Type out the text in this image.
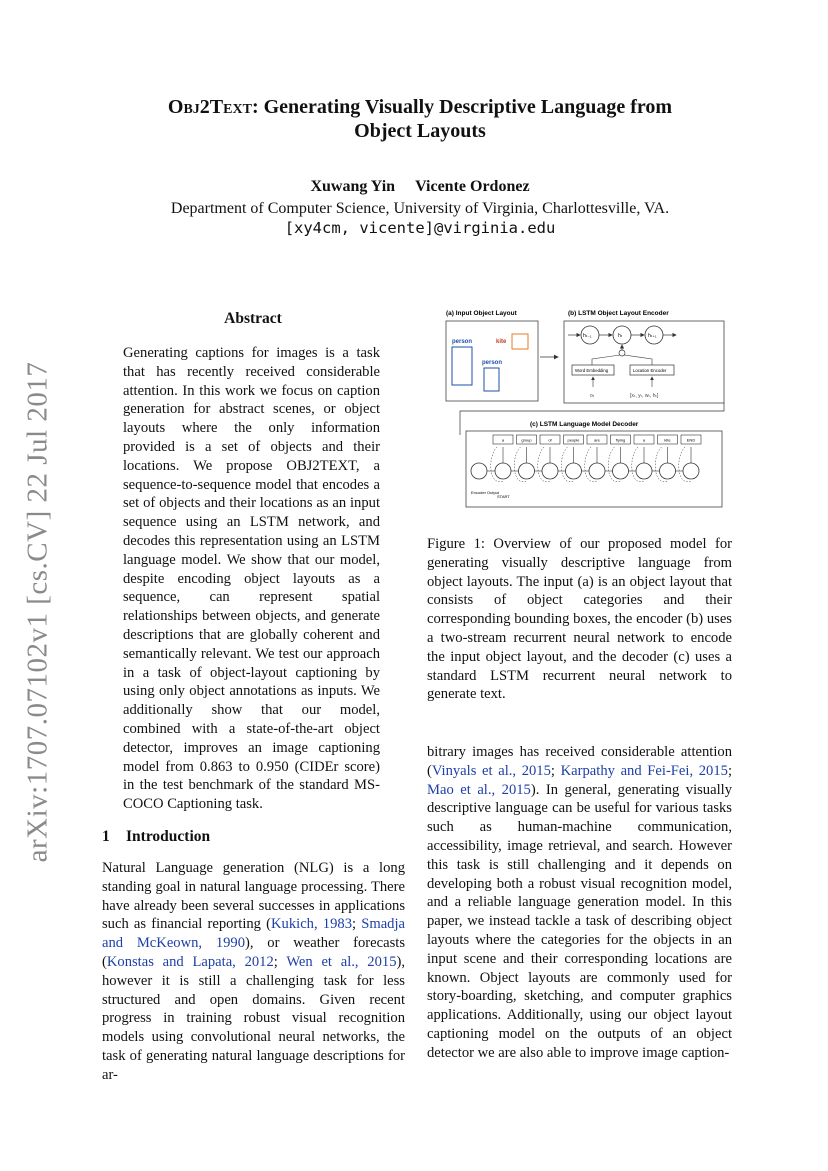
arXiv:1707.07102v1 [cs.CV] 22 Jul 2017
Obj2Text: Generating Visually Descriptive Language from
Object Layouts
Xuwang Yin Vicente Ordonez
Department of Computer Science, University of Virginia, Charlottesville, VA.
[xy4cm, vicente]@virginia.edu
Abstract
Generating captions for images is a task that has recently received considerable attention. In this work we focus on caption generation for abstract scenes, or object layouts where the only information provided is a set of objects and their locations. We propose OBJ2TEXT, a sequence-to-sequence model that encodes a set of objects and their locations as an input sequence using an LSTM network, and decodes this representation using an LSTM language model. We show that our model, despite encoding object layouts as a sequence, can represent spatial relationships between objects, and generate descriptions that are globally coherent and semantically relevant. We test our approach in a task of object-layout captioning by using only object annotations as inputs. We additionally show that our model, combined with a state-of-the-art object detector, improves an image captioning model from 0.863 to 0.950 (CIDEr score) in the test benchmark of the standard MS-COCO Captioning task.
1 Introduction
Natural Language generation (NLG) is a long standing goal in natural language processing. There have already been several successes in applications such as financial reporting (Kukich, 1983; Smadja and McKeown, 1990), or weather forecasts (Konstas and Lapata, 2012; Wen et al., 2015), however it is still a challenging task for less structured and open domains. Given recent progress in training robust visual recognition models using convolutional neural networks, the task of generating natural language descriptions for ar-
(a) Input Object Layout
person	kite
person
(b) LSTM Object Layout Encoder
hₜ₋₁	hₜ	hₜ₊₁
Word Embedding	Location Encoder
oₜ	[xₜ, yₜ, wₜ, hₜ]
(c) LSTM Language Model Decoder
a	group	of	people	are	flying	a	kite	END
Encoder Output
START
Figure 1: Overview of our proposed model for generating visually descriptive language from object layouts. The input (a) is an object layout that consists of object categories and their corresponding bounding boxes, the encoder (b) uses a two-stream recurrent neural network to encode the input object layout, and the decoder (c) uses a standard LSTM recurrent neural network to generate text.
bitrary images has received considerable attention (Vinyals et al., 2015; Karpathy and Fei-Fei, 2015; Mao et al., 2015). In general, generating visually descriptive language can be useful for various tasks such as human-machine communication, accessibility, image retrieval, and search. However this task is still challenging and it depends on developing both a robust visual recognition model, and a reliable language generation model. In this paper, we instead tackle a task of describing object layouts where the categories for the objects in an input scene and their corresponding locations are known. Object layouts are commonly used for story-boarding, sketching, and computer graphics applications. Additionally, using our object layout captioning model on the outputs of an object detector we are also able to improve image caption-
